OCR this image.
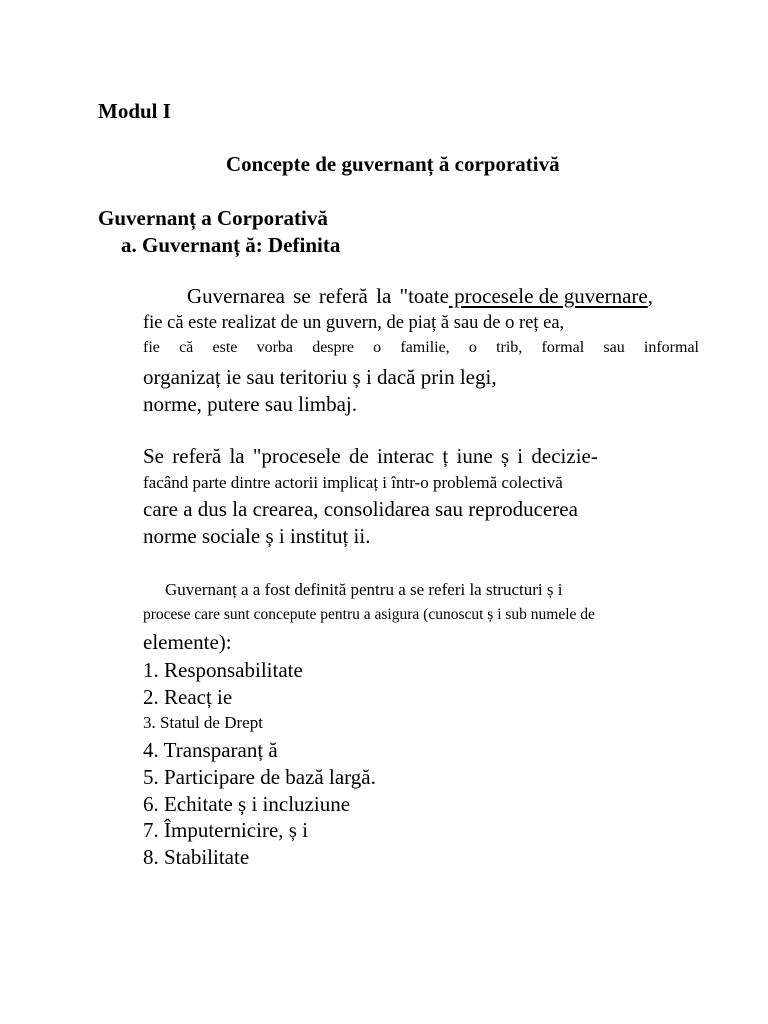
Modul I
Concepte de guvernanț ă corporativă
Guvernanț a Corporativă
a. Guvernanț ă: Definita
Guvernarea se referă la "toate procesele de guvernare,
fie că este realizat de un guvern, de piaț ă sau de o reț ea,
fie că este vorba despre o familie, o trib, formal sau informal
organizaț ie sau teritoriu ș i dacă prin legi,
norme, putere sau limbaj.
Se referă la "procesele de interac ț iune ș i decizie-
facând parte dintre actorii implicaț i într-o problemă colectivă
care a dus la crearea, consolidarea sau reproducerea
norme sociale ș i instituț ii.
Guvernanț a a fost definită pentru a se referi la structuri ș i
procese care sunt concepute pentru a asigura (cunoscut ș i sub numele de
elemente):
1. Responsabilitate
2. Reacț ie
3. Statul de Drept
4. Transparanț ă
5. Participare de bază largă.
6. Echitate ș i incluziune
7. Împuternicire, ș i
8. Stabilitate
